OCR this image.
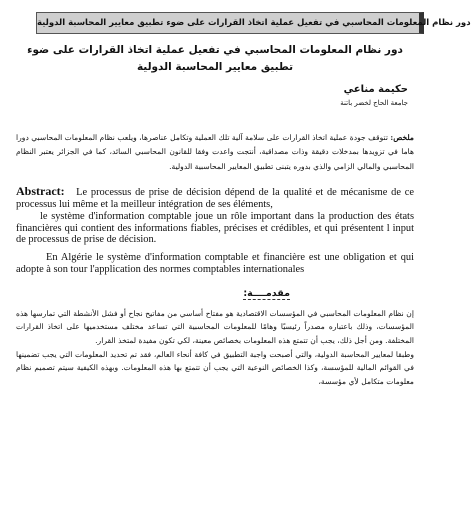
دور نظام المعلومات المحاسبي في تفعيل عملية اتخاذ القرارات على ضوء تطبيق معايير المحاسبة الدولية
دور نظام المعلومات المحاسبي في تفعيل عملية اتخاذ القرارات على ضوء تطبيق معايير المحاسبة الدولية
حكيمة مناعي
جامعة الحاج لخضر باتنة
ملخص: تتوقف جودة عملية اتخاذ القرارات على سلامة آلية تلك العملية وتكامل عناصرها، ويلعب نظام المعلومات المحاسبي دورا هاما في تزويدها بمدخلات دقيقة وذات مصداقية، أنتجت واعدت وفقا للقانون المحاسبي السائد، كما في الجزائر يعتبر النظام المحاسبي والمالي الزامي والذي بدوره يتبنى تطبيق المعايير المحاسبية الدولية.

Abstract: Le processus de prise de décision dépend de la qualité et de mécanisme de ce processus lui même et la meilleur intégration de ses éléments,

le système d'information comptable joue un rôle important dans la production des états financières qui contient des informations fiables, précises et crédibles, et qui présentent l input de processus de prise de décision.

En Algérie le système d'information comptable et financière est une obligation et qui adopte à son tour l'application des normes comptables internationales

مقدمــــة:

إن نظام المعلومات المحاسبي في المؤسسات الاقتصادية هو مفتاح أساسي من مفاتيح نجاح أو فشل الأنشطة التي تمارسها هذه المؤسسات، وذلك باعتباره مصدراً رئيسيًا وهامًا للمعلومات المحاسبية التي تساعد مختلف مستخدميها على اتخاذ القرارات المختلفة. ومن أجل ذلك، يجب أن تتمتع هذه المعلومات بخصائص معينة، لكي تكون مفيدة لمتخذ القرار.

وطبقا لمعايير المحاسبة الدولية، والتي أصبحت واجبة التطبيق في كافة أنحاء العالم، فقد تم تحديد المعلومات التي يجب تضمينها في القوائم المالية للمؤسسة، وكذا الخصائص النوعية التي يجب أن تتمتع بها هذه المعلومات. وبهذه الكيفية سيتم تصميم نظام معلومات متكامل لأي مؤسسة،
